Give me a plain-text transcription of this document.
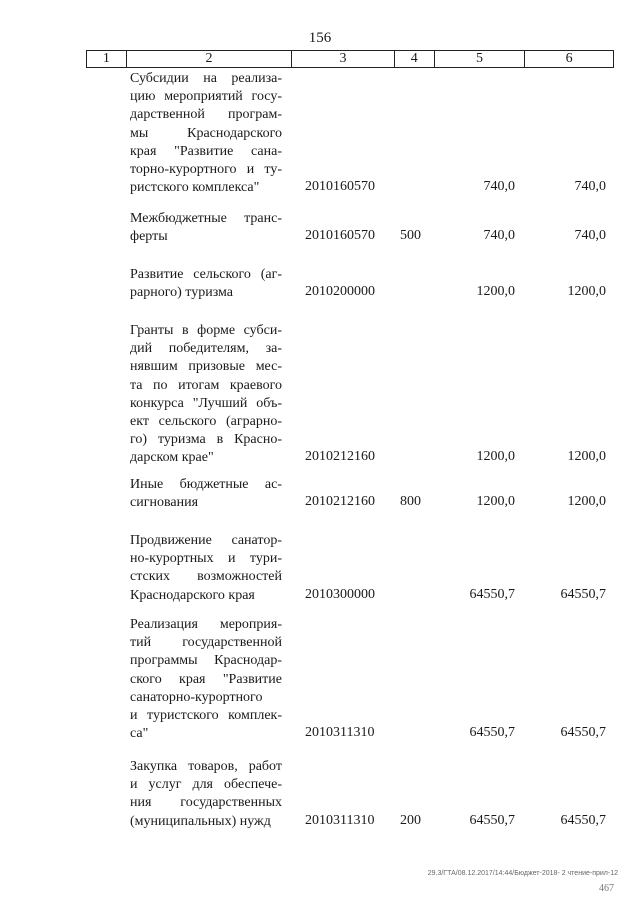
156
1	2	3	4	5	6
Субсидии на реализа-
цию мероприятий госу-
дарственной програм-
мы Краснодарского
края "Развитие сана-
торно-курортного и ту-
ристского комплекса"	2010160570	740,0	740,0
Межбюджетные транс-
ферты	2010160570 500	740,0	740,0
Развитие сельского (аг-
рарного) туризма	2010200000	1200,0	1200,0
Гранты в форме субси-
дий победителям, за-
нявшим призовые мес-
та по итогам краевого
конкурса "Лучший объ-
ект сельского (аграрно-
го) туризма в Красно-
дарском крае"	2010212160	1200,0	1200,0
Иные бюджетные ас-
сигнования	2010212160 800	1200,0	1200,0
Продвижение санатор-
но-курортных и тури-
стских возможностей
Краснодарского края	2010300000	64550,7	64550,7
Реализация мероприя-
тий государственной
программы Краснодар-
ского края "Развитие
санаторно-курортного
и туристского комплек-
са"	2010311310	64550,7	64550,7
Закупка товаров, работ
и услуг для обеспече-
ния государственных
(муниципальных) нужд	2010311310 200	64550,7	64550,7
29.3/ГТА/08.12.2017/14:44/Бюджет-2018- 2 чтение-прил-12
467
